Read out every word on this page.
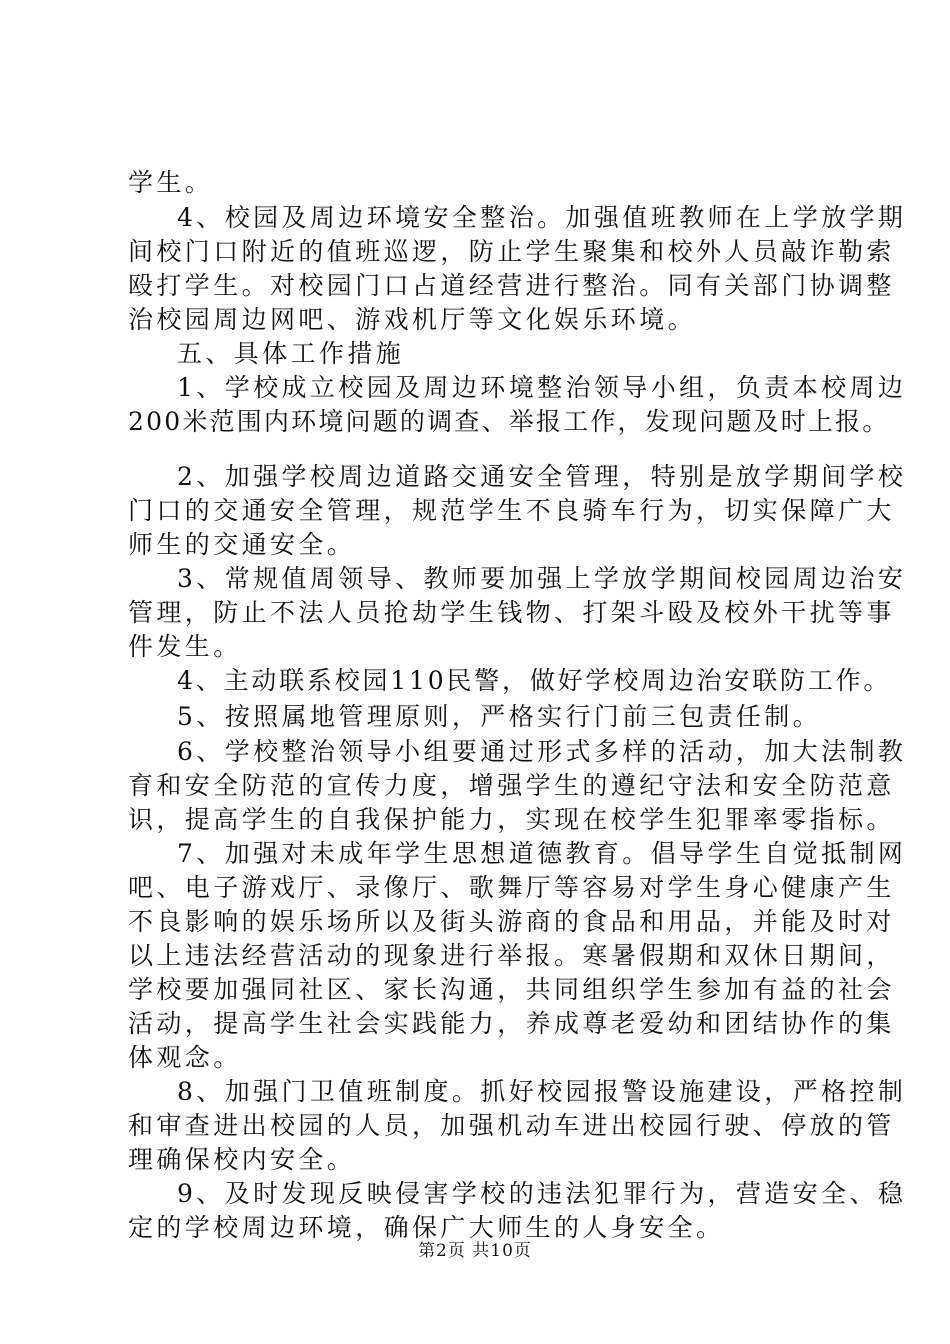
学生。
4、校园及周边环境安全整治。加强值班教师在上学放学期
间校门口附近的值班巡逻，防止学生聚集和校外人员敲诈勒索
殴打学生。对校园门口占道经营进行整治。同有关部门协调整
治校园周边网吧、游戏机厅等文化娱乐环境。
五、具体工作措施
1、学校成立校园及周边环境整治领导小组，负责本校周边
200米范围内环境问题的调查、举报工作，发现问题及时上报。
2、加强学校周边道路交通安全管理，特别是放学期间学校
门口的交通安全管理，规范学生不良骑车行为，切实保障广大
师生的交通安全。
3、常规值周领导、教师要加强上学放学期间校园周边治安
管理，防止不法人员抢劫学生钱物、打架斗殴及校外干扰等事
件发生。
4、主动联系校园110民警，做好学校周边治安联防工作。
5、按照属地管理原则，严格实行门前三包责任制。
6、学校整治领导小组要通过形式多样的活动，加大法制教
育和安全防范的宣传力度，增强学生的遵纪守法和安全防范意
识，提高学生的自我保护能力，实现在校学生犯罪率零指标。
7、加强对未成年学生思想道德教育。倡导学生自觉抵制网
吧、电子游戏厅、录像厅、歌舞厅等容易对学生身心健康产生
不良影响的娱乐场所以及街头游商的食品和用品，并能及时对
以上违法经营活动的现象进行举报。寒暑假期和双休日期间，
学校要加强同社区、家长沟通，共同组织学生参加有益的社会
活动，提高学生社会实践能力，养成尊老爱幼和团结协作的集
体观念。
8、加强门卫值班制度。抓好校园报警设施建设，严格控制
和审查进出校园的人员，加强机动车进出校园行驶、停放的管
理确保校内安全。
9、及时发现反映侵害学校的违法犯罪行为，营造安全、稳
定的学校周边环境，确保广大师生的人身安全。
第2页 共10页
